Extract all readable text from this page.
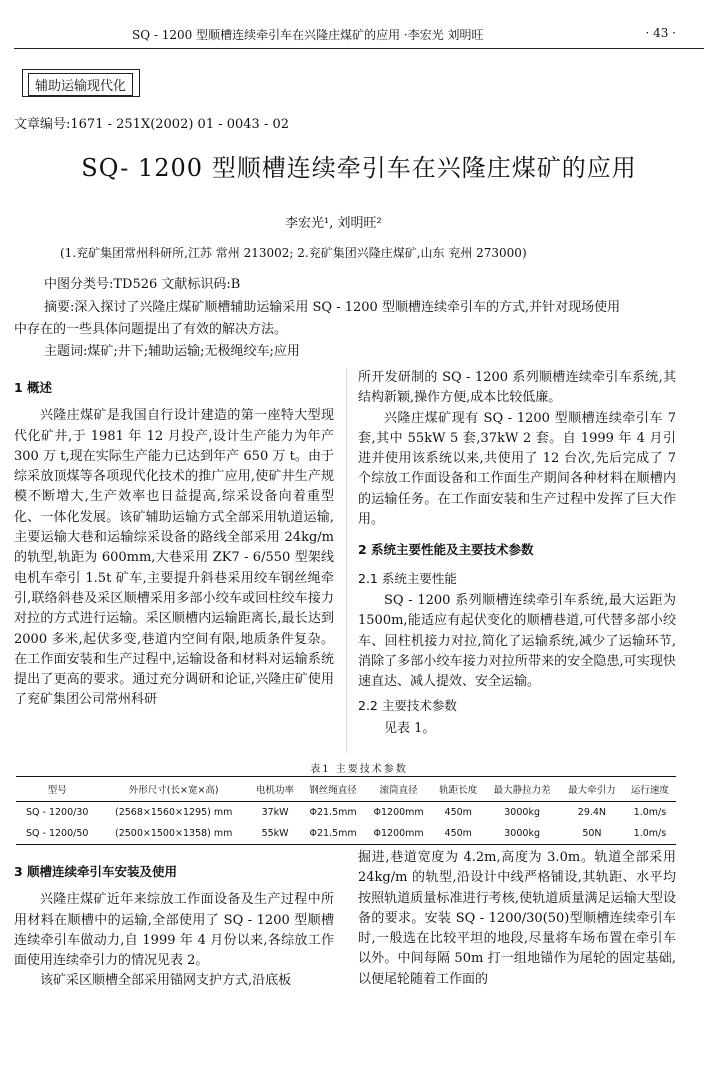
SQ - 1200 型顺槽连续牵引车在兴隆庄煤矿的应用 ·李宏光 刘明旺	· 43 ·
辅助运输现代化
文章编号:1671 - 251X(2002) 01 - 0043 - 02
SQ- 1200 型顺槽连续牵引车在兴隆庄煤矿的应用
李宏光¹, 刘明旺²
(1.兖矿集团常州科研所,江苏 常州 213002; 2.兖矿集团兴隆庄煤矿,山东 兖州 273000)
中图分类号:TD526 文献标识码:B
摘要:深入探讨了兴隆庄煤矿顺槽辅助运输采用 SQ - 1200 型顺槽连续牵引车的方式,并针对现场使用
中存在的一些具体问题提出了有效的解决方法。
主题词:煤矿;井下;辅助运输;无极绳绞车;应用

1 概述

兴隆庄煤矿是我国自行设计建造的第一座特大型现代化矿井,于 1981 年 12 月投产,设计生产能力为年产 300 万 t,现在实际生产能力已达到年产 650 万 t。由于综采放顶煤等各项现代化技术的推广应用,使矿井生产规模不断增大,生产效率也日益提高,综采设备向着重型化、一体化发展。该矿辅助运输方式全部采用轨道运输,主要运输大巷和运输综采设备的路线全部采用 24kg/m 的轨型,轨距为 600mm,大巷采用 ZK7 - 6/550 型架线电机车牵引 1.5t 矿车,主要提升斜巷采用绞车钢丝绳牵引,联络斜巷及采区顺槽采用多部小绞车或回柱绞车接力对拉的方式进行运输。采区顺槽内运输距离长,最长达到 2000 多米,起伏多变,巷道内空间有限,地质条件复杂。在工作面安装和生产过程中,运输设备和材料对运输系统提出了更高的要求。通过充分调研和论证,兴隆庄矿使用了兖矿集团公司常州科研

所开发研制的 SQ - 1200 系列顺槽连续牵引车系统,其结构新颖,操作方便,成本比较低廉。

兴隆庄煤矿现有 SQ - 1200 型顺槽连续牵引车 7 套,其中 55kW 5 套,37kW 2 套。自 1999 年 4 月引进并使用该系统以来,共使用了 12 台次,先后完成了 7 个综放工作面设备和工作面生产期间各种材料在顺槽内的运输任务。在工作面安装和生产过程中发挥了巨大作用。

2 系统主要性能及主要技术参数

2.1 系统主要性能

SQ - 1200 系列顺槽连续牵引车系统,最大运距为 1500m,能适应有起伏变化的顺槽巷道,可代替多部小绞车、回柱机接力对拉,简化了运输系统,减少了运输环节,消除了多部小绞车接力对拉所带来的安全隐患,可实现快速直达、减人提效、安全运输。

2.2 主要技术参数

见表 1。

表1 主要技术参数
型号	外形尺寸(长×宽×高)	电机功率	钢丝绳直径	滚筒直径	轨距长度	最大静拉力差	最大牵引力	运行速度
SQ - 1200/30	(2568×1560×1295) mm	37kW	Φ21.5mm	Φ1200mm	450m	3000kg	29.4N	1.0m/s
SQ - 1200/50	(2500×1500×1358) mm	55kW	Φ21.5mm	Φ1200mm	450m	3000kg	50N	1.0m/s

3 顺槽连续牵引车安装及使用

兴隆庄煤矿近年来综放工作面设备及生产过程中所用材料在顺槽中的运输,全部使用了 SQ - 1200 型顺槽连续牵引车做动力,自 1999 年 4 月份以来,各综放工作面使用连续牵引力的情况见表 2。

该矿采区顺槽全部采用锚网支护方式,沿底板

掘进,巷道宽度为 4.2m,高度为 3.0m。轨道全部采用 24kg/m 的轨型,沿设计中线严格铺设,其轨距、水平均按照轨道质量标准进行考核,使轨道质量满足运输大型设备的要求。安装 SQ - 1200/30(50)型顺槽连续牵引车时,一般选在比较平坦的地段,尽量将车场布置在牵引车以外。中间每隔 50m 打一组地锚作为尾轮的固定基础,以便尾轮随着工作面的
